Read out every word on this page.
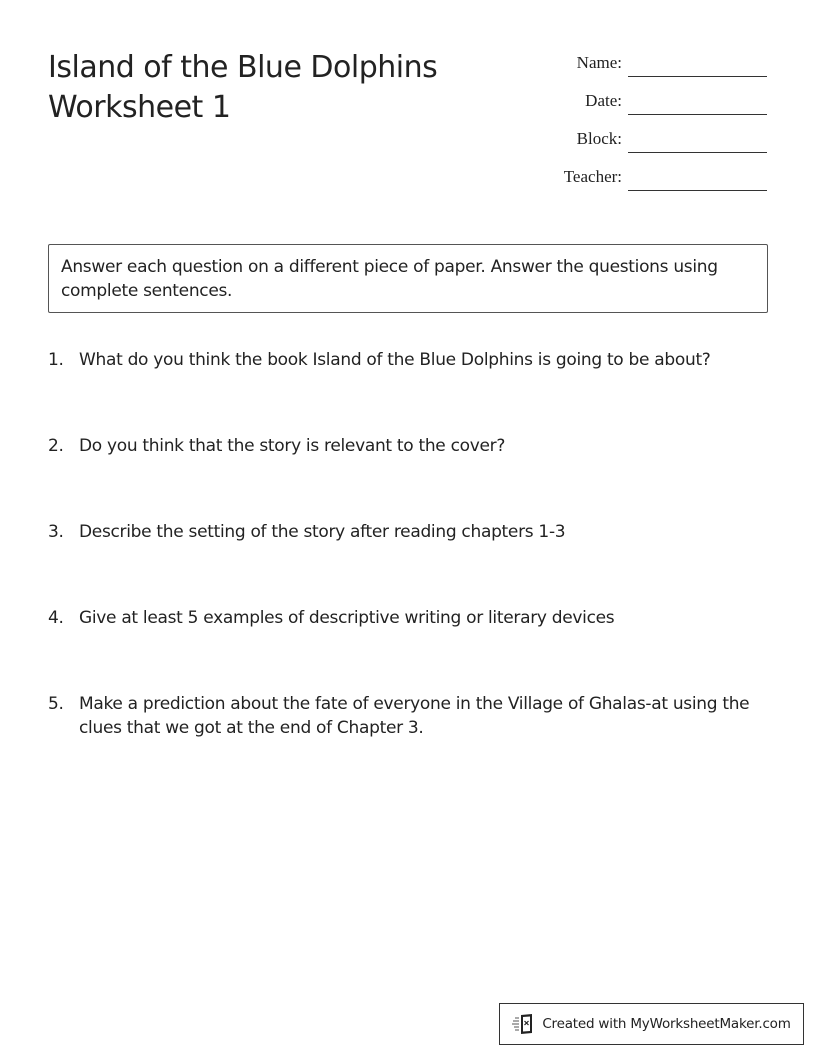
Island of the Blue Dolphins
Worksheet 1
Name:
Date:
Block:
Teacher:
Answer each question on a different piece of paper. Answer the questions using complete sentences.
1. What do you think the book Island of the Blue Dolphins is going to be about?
2. Do you think that the story is relevant to the cover?
3. Describe the setting of the story after reading chapters 1-3
4. Give at least 5 examples of descriptive writing or literary devices
5. Make a prediction about the fate of everyone in the Village of Ghalas-at using the clues that we got at the end of Chapter 3.
Created with MyWorksheetMaker.com
